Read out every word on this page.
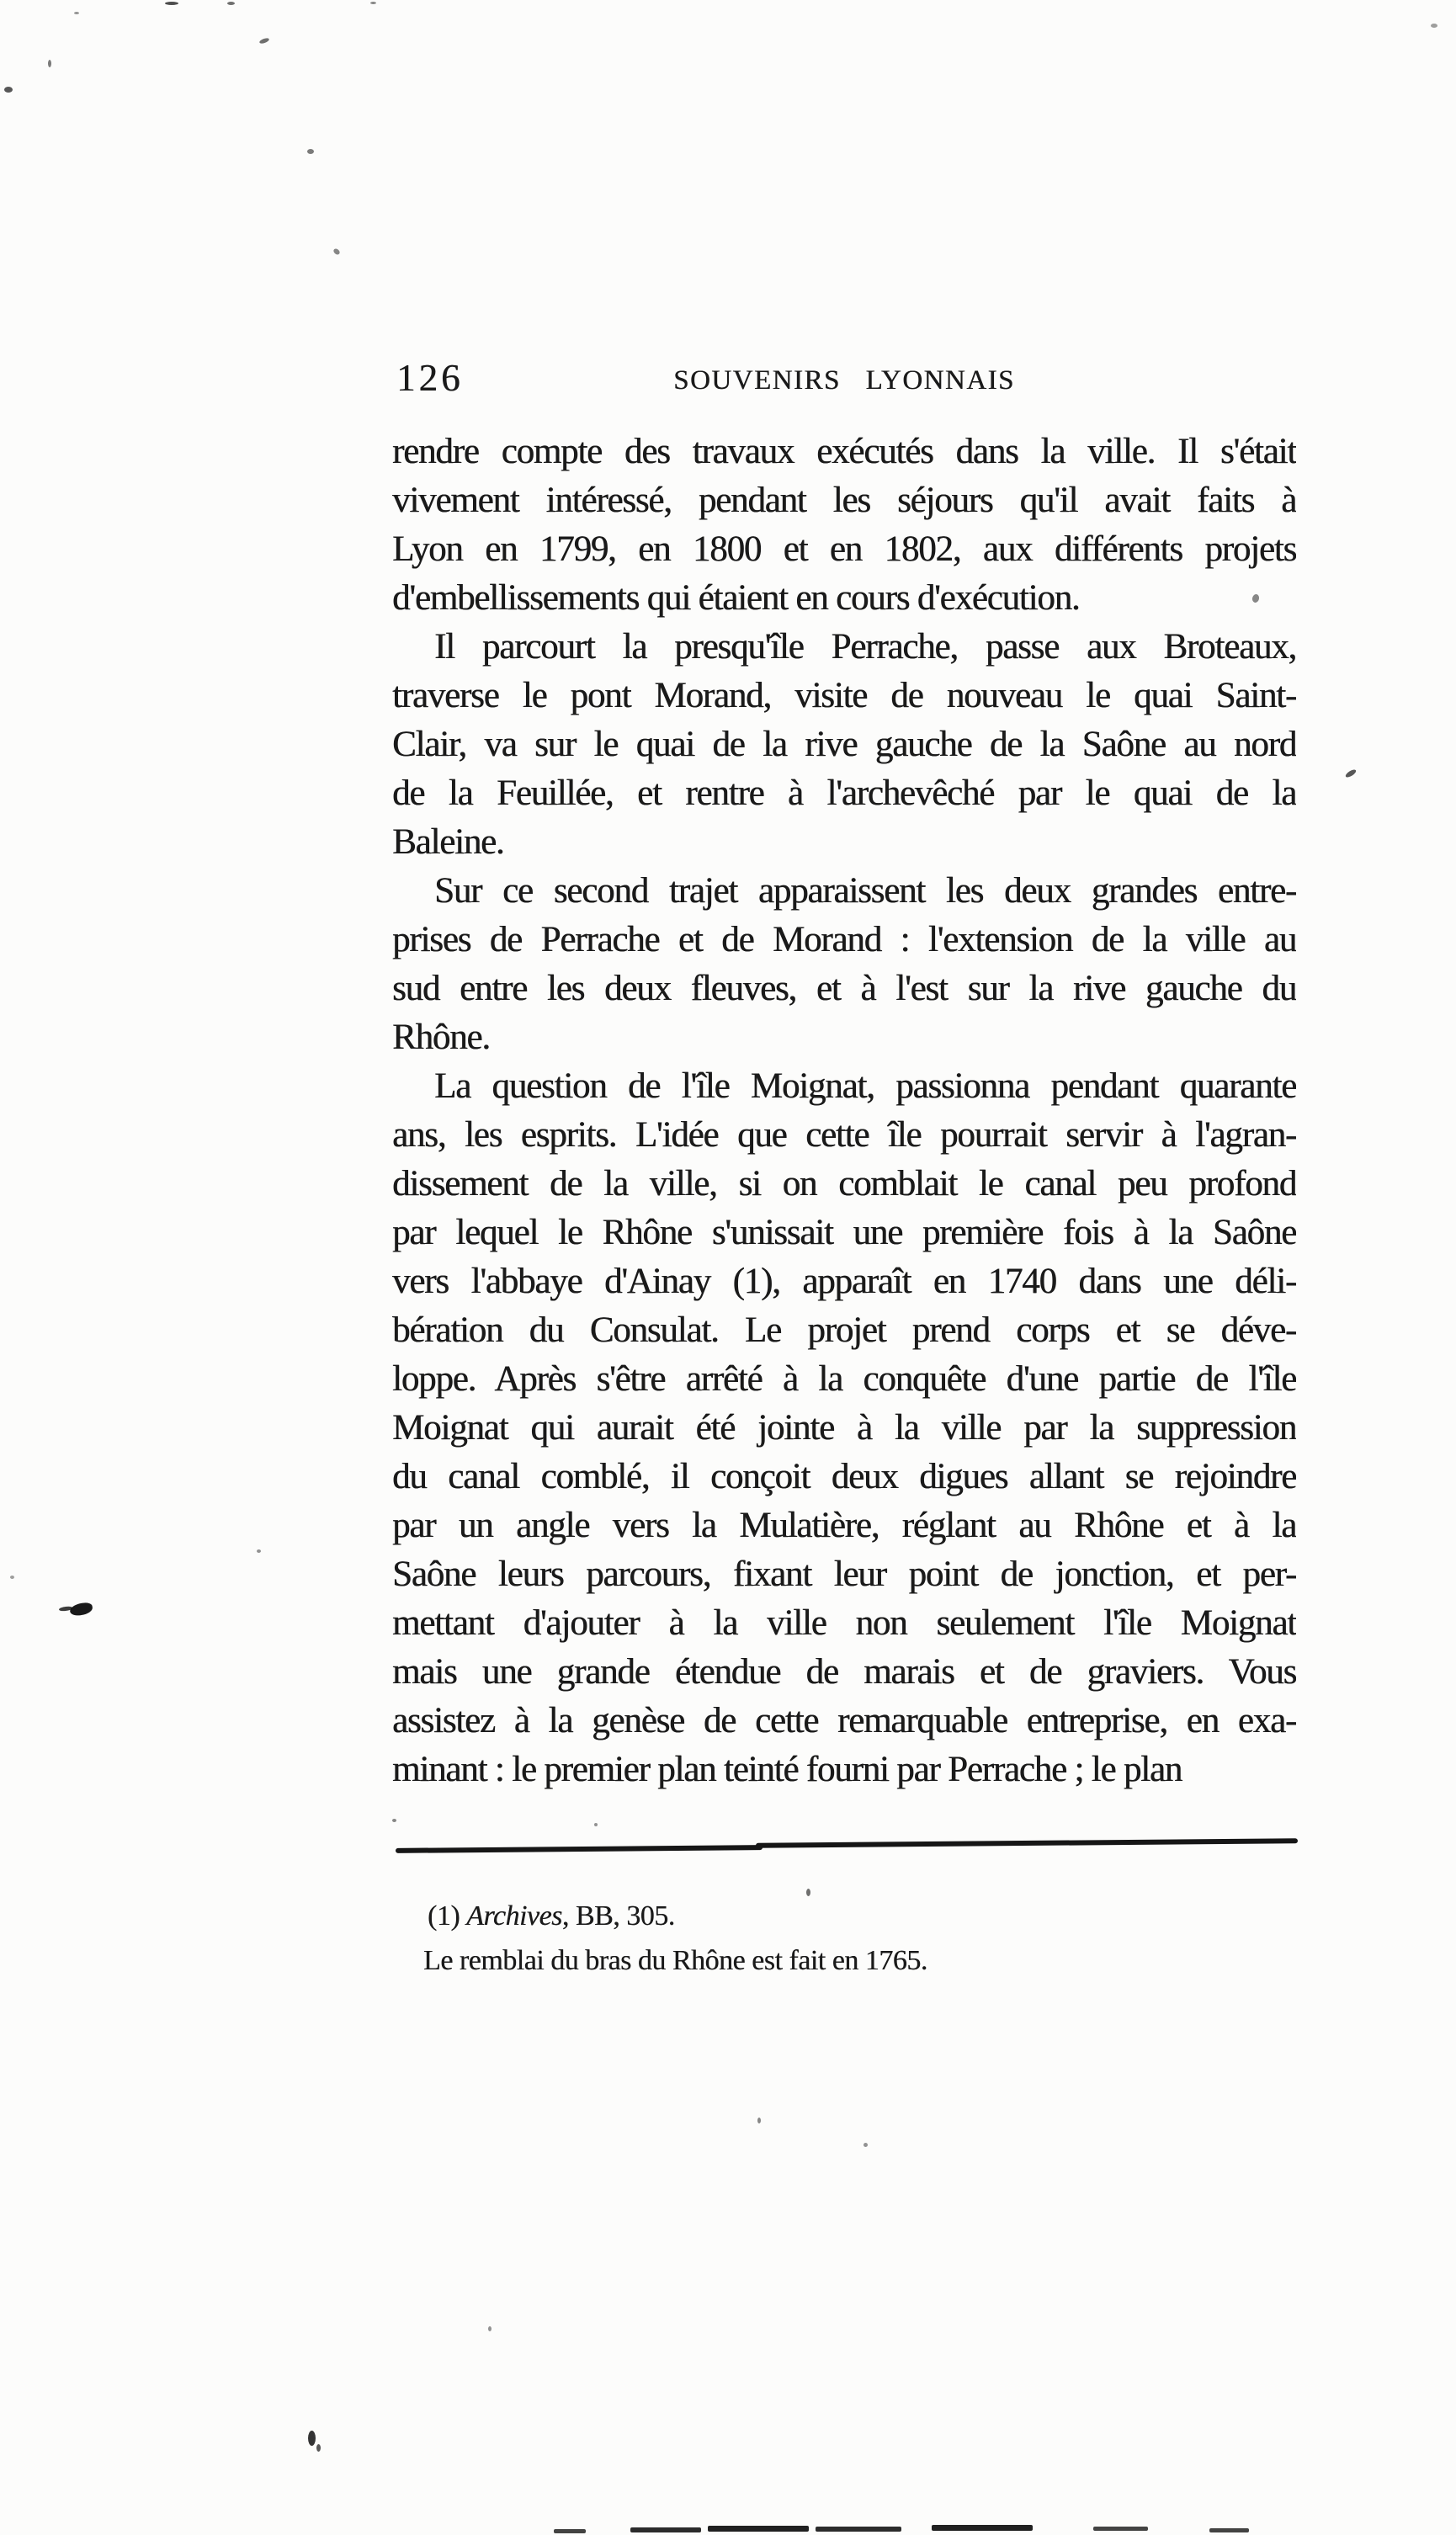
126	SOUVENIRS LYONNAIS
rendre compte des travaux exécutés dans la ville. Il s'était
vivement intéressé, pendant les séjours qu'il avait faits à
Lyon en 1799, en 1800 et en 1802, aux différents projets
d'embellissements qui étaient en cours d'exécution.
Il parcourt la presqu'île Perrache, passe aux Broteaux,
traverse le pont Morand, visite de nouveau le quai Saint-
Clair, va sur le quai de la rive gauche de la Saône au nord
de la Feuillée, et rentre à l'archevêché par le quai de la
Baleine.
Sur ce second trajet apparaissent les deux grandes entre-
prises de Perrache et de Morand : l'extension de la ville au
sud entre les deux fleuves, et à l'est sur la rive gauche du
Rhône.
La question de l'île Moignat, passionna pendant quarante
ans, les esprits. L'idée que cette île pourrait servir à l'agran-
dissement de la ville, si on comblait le canal peu profond
par lequel le Rhône s'unissait une première fois à la Saône
vers l'abbaye d'Ainay (1), apparaît en 1740 dans une déli-
bération du Consulat. Le projet prend corps et se déve-
loppe. Après s'être arrêté à la conquête d'une partie de l'île
Moignat qui aurait été jointe à la ville par la suppression
du canal comblé, il conçoit deux digues allant se rejoindre
par un angle vers la Mulatière, réglant au Rhône et à la
Saône leurs parcours, fixant leur point de jonction, et per-
mettant d'ajouter à la ville non seulement l'île Moignat
mais une grande étendue de marais et de graviers. Vous
assistez à la genèse de cette remarquable entreprise, en exa-
minant : le premier plan teinté fourni par Perrache ; le plan
(1) Archives, BB, 305.
Le remblai du bras du Rhône est fait en 1765.
